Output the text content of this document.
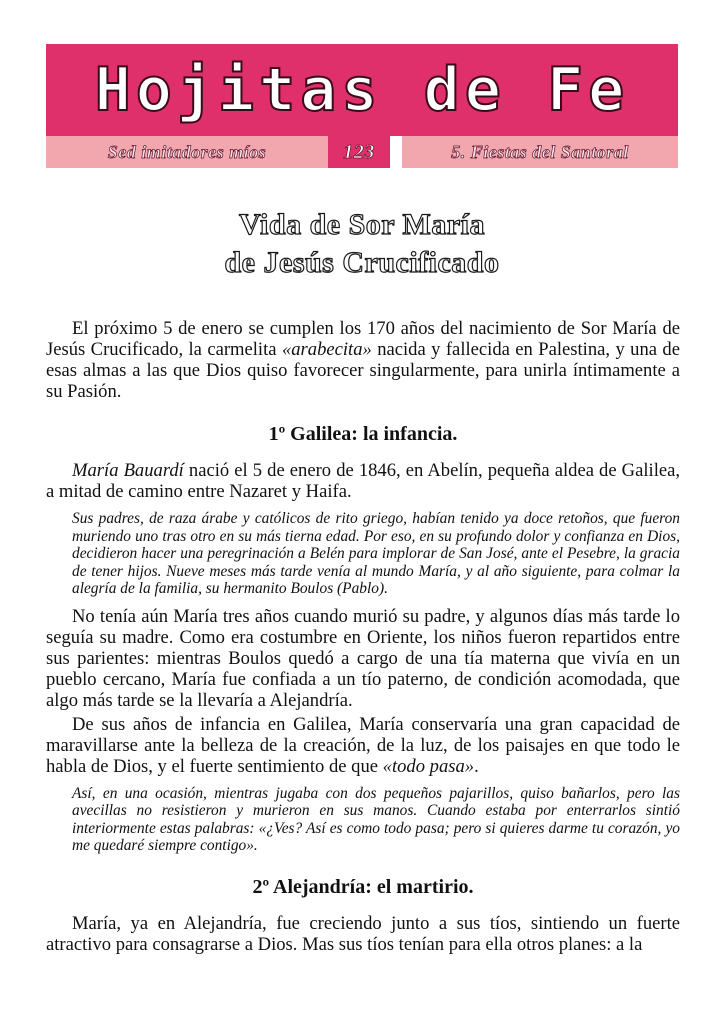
Hojitas de Fe
Sed imitadores míos	123	5. Fiestas del Santoral
Vida de Sor María
de Jesús Crucificado

El próximo 5 de enero se cumplen los 170 años del nacimiento de Sor María de Jesús Crucificado, la carmelita «arabecita» nacida y fallecida en Palestina, y una de esas almas a las que Dios quiso favorecer singularmente, para unirla íntimamente a su Pasión.

1º Galilea: la infancia.

María Bauardí nació el 5 de enero de 1846, en Abelín, pequeña aldea de Galilea, a mitad de camino entre Nazaret y Haifa.

Sus padres, de raza árabe y católicos de rito griego, habían tenido ya doce retoños, que fueron muriendo uno tras otro en su más tierna edad. Por eso, en su profundo dolor y confianza en Dios, decidieron hacer una peregrinación a Belén para implorar de San José, ante el Pesebre, la gracia de tener hijos. Nueve meses más tarde venía al mundo María, y al año siguiente, para colmar la alegría de la familia, su hermanito Boulos (Pablo).

No tenía aún María tres años cuando murió su padre, y algunos días más tarde lo seguía su madre. Como era costumbre en Oriente, los niños fueron repartidos entre sus parientes: mientras Boulos quedó a cargo de una tía materna que vivía en un pueblo cercano, María fue confiada a un tío paterno, de condición acomodada, que algo más tarde se la llevaría a Alejandría.

De sus años de infancia en Galilea, María conservaría una gran capacidad de maravillarse ante la belleza de la creación, de la luz, de los paisajes en que todo le habla de Dios, y el fuerte sentimiento de que «todo pasa».

Así, en una ocasión, mientras jugaba con dos pequeños pajarillos, quiso bañarlos, pero las avecillas no resistieron y murieron en sus manos. Cuando estaba por enterrarlos sintió interiormente estas palabras: «¿Ves? Así es como todo pasa; pero si quieres darme tu corazón, yo me quedaré siempre contigo».

2º Alejandría: el martirio.

María, ya en Alejandría, fue creciendo junto a sus tíos, sintiendo un fuerte atractivo para consagrarse a Dios. Mas sus tíos tenían para ella otros planes: a la
